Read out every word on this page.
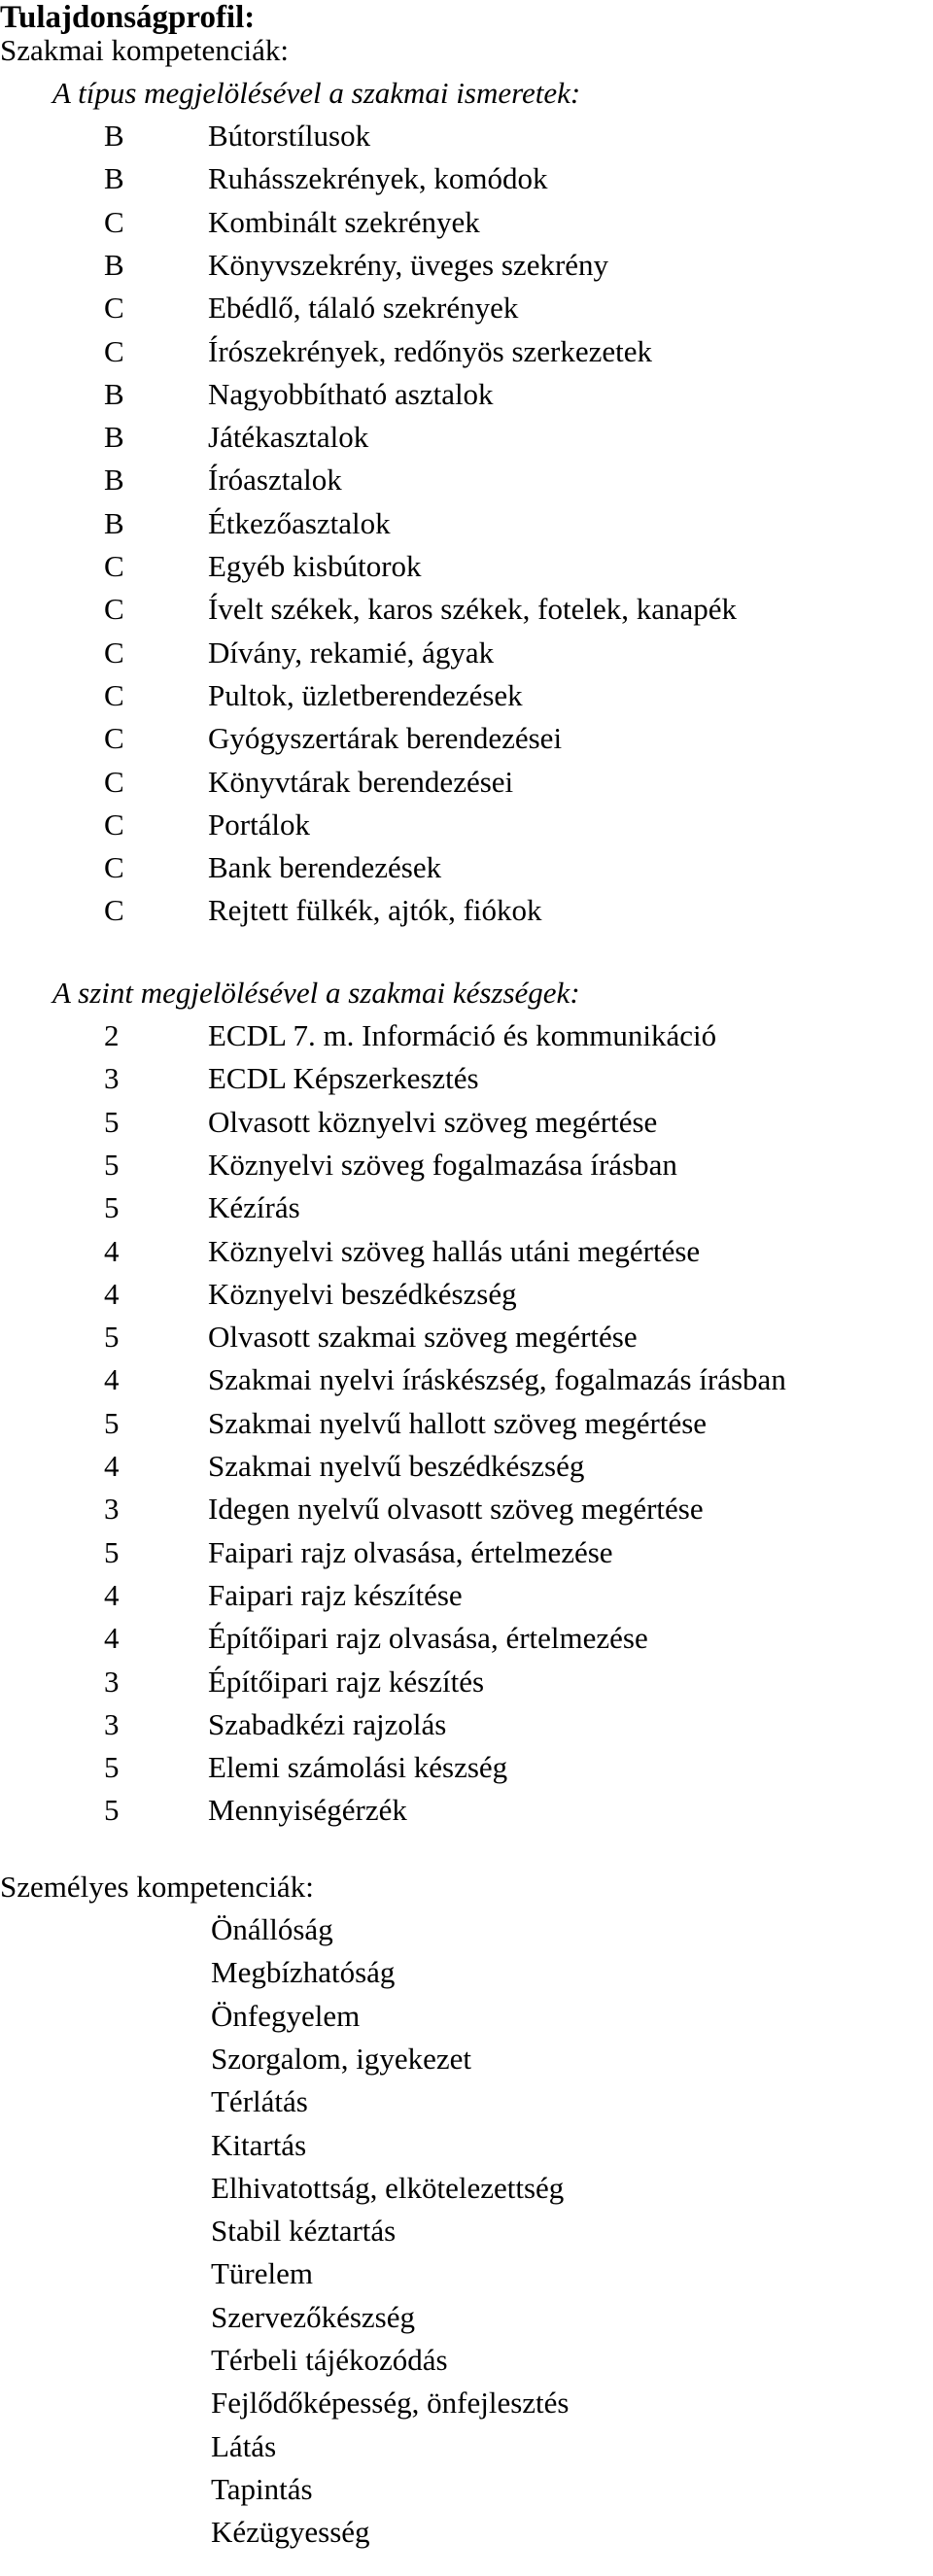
Tulajdonságprofil:
Szakmai kompetenciák:
A típus megjelölésével a szakmai ismeretek:
B	Bútorstílusok
B	Ruhásszekrények, komódok
C	Kombinált szekrények
B	Könyvszekrény, üveges szekrény
C	Ebédlő, tálaló szekrények
C	Írószekrények, redőnyös szerkezetek
B	Nagyobbítható asztalok
B	Játékasztalok
B	Íróasztalok
B	Étkezőasztalok
C	Egyéb kisbútorok
C	Ívelt székek, karos székek, fotelek, kanapék
C	Dívány, rekamié, ágyak
C	Pultok, üzletberendezések
C	Gyógyszertárak berendezései
C	Könyvtárak berendezései
C	Portálok
C	Bank berendezések
C	Rejtett fülkék, ajtók, fiókok
A szint megjelölésével a szakmai készségek:
2	ECDL 7. m. Információ és kommunikáció
3	ECDL Képszerkesztés
5	Olvasott köznyelvi szöveg megértése
5	Köznyelvi szöveg fogalmazása írásban
5	Kézírás
4	Köznyelvi szöveg hallás utáni megértése
4	Köznyelvi beszédkészség
5	Olvasott szakmai szöveg megértése
4	Szakmai nyelvi íráskészség, fogalmazás írásban
5	Szakmai nyelvű hallott szöveg megértése
4	Szakmai nyelvű beszédkészség
3	Idegen nyelvű olvasott szöveg megértése
5	Faipari rajz olvasása, értelmezése
4	Faipari rajz készítése
4	Építőipari rajz olvasása, értelmezése
3	Építőipari rajz készítés
3	Szabadkézi rajzolás
5	Elemi számolási készség
5	Mennyiségérzék
Személyes kompetenciák:
Önállóság
Megbízhatóság
Önfegyelem
Szorgalom, igyekezet
Térlátás
Kitartás
Elhivatottság, elkötelezettség
Stabil kéztartás
Türelem
Szervezőkészség
Térbeli tájékozódás
Fejlődőképesség, önfejlesztés
Látás
Tapintás
Kézügyesség
